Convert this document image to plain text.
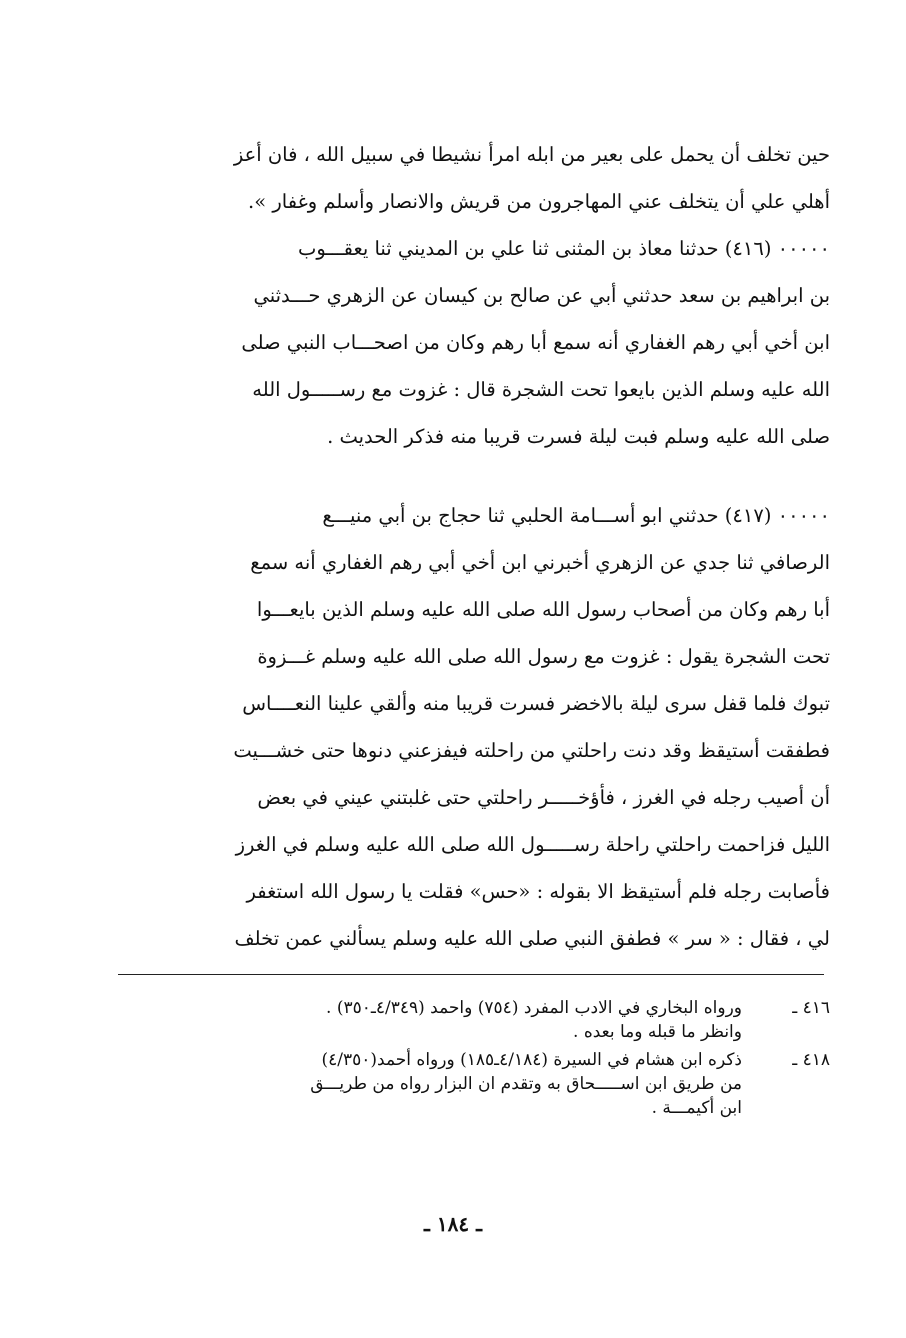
حين تخلف أن يحمل على بعير من ابله امرأ نشيطا في سبيل الله ، فان أعز
أهلي علي أن يتخلف عني المهاجرون من قريش والانصار وأسلم وغفار ».
٠٠٠٠٠ (٤١٦) حدثنا معاذ بن المثنى ثنا علي بن المديني ثنا يعقـــوب
بن ابراهيم بن سعد حدثني أبي عن صالح بن كيسان عن الزهري حـــدثني
ابن أخي أبي رهم الغفاري أنه سمع أبا رهم وكان من اصحـــاب النبي صلى
الله عليه وسلم الذين بايعوا تحت الشجرة قال : غزوت مع رســـــول الله
صلى الله عليه وسلم فبت ليلة فسرت قريبا منه فذكر الحديث .
٠٠٠٠٠ (٤١٧) حدثني ابو أســـامة الحلبي ثنا حجاج بن أبي منيـــع
الرصافي ثنا جدي عن الزهري أخبرني ابن أخي أبي رهم الغفاري أنه سمع
أبا رهم وكان من أصحاب رسول الله صلى الله عليه وسلم الذين بايعـــوا
تحت الشجرة يقول : غزوت مع رسول الله صلى الله عليه وسلم غـــزوة
تبوك فلما قفل سرى ليلة بالاخضر فسرت قريبا منه وألقي علينا النعــــاس
فطفقت أستيقظ وقد دنت راحلتي من راحلته فيفزعني دنوها حتى خشـــيت
أن أصيب رجله في الغرز ، فأؤخـــــر راحلتي حتى غلبتني عيني في بعض
الليل فزاحمت راحلتي راحلة رســـــول الله صلى الله عليه وسلم في الغرز
فأصابت رجله فلم أستيقظ الا بقوله : «حس» فقلت يا رسول الله استغفر
لي ، فقال : « سر » فطفق النبي صلى الله عليه وسلم يسألني عمن تخلف
٤١٦ ـ
ورواه البخاري في الادب المفرد (٧٥٤) واحمد (٤/٣٤٩ـ٣٥٠) .
وانظر ما قبله وما بعده .
٤١٨ ـ
ذكره ابن هشام في السيرة (٤/١٨٤ـ١٨٥) ورواه أحمد(٤/٣٥٠)
من طريق ابن اســـــحاق به وتقدم ان البزار رواه من طريـــق
ابن أكيمـــة .
ـ ١٨٤ ـ
